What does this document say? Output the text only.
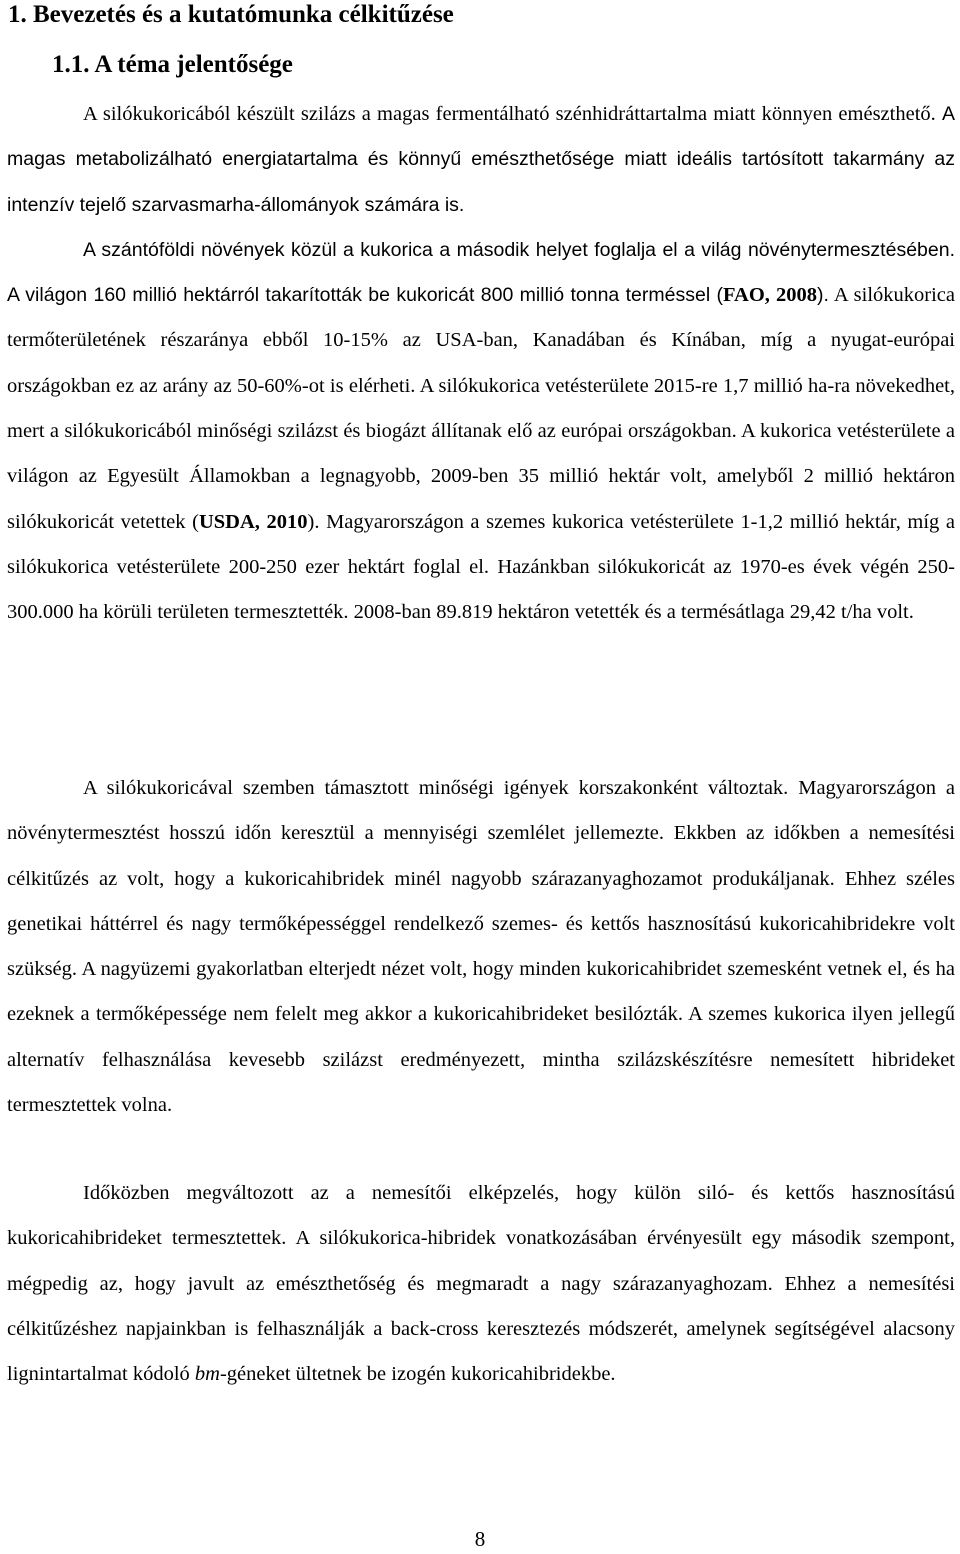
1. Bevezetés és a kutatómunka célkitűzése
1.1. A téma jelentősége

A silókukoricából készült szilázs a magas fermentálható szénhidráttartalma miatt könnyen emészthető. A magas metabolizálható energiatartalma és könnyű emészthetősége miatt ideális tartósított takarmány az intenzív tejelő szarvasmarha-állományok számára is.

A szántóföldi növények közül a kukorica a második helyet foglalja el a világ növénytermesztésében. A világon 160 millió hektárról takarították be kukoricát 800 millió tonna terméssel (FAO, 2008). A silókukorica termőterületének részaránya ebből 10-15% az USA-ban, Kanadában és Kínában, míg a nyugat-európai országokban ez az arány az 50-60%-ot is elérheti. A silókukorica vetésterülete 2015-re 1,7 millió ha-ra növekedhet, mert a silókukoricából minőségi szilázst és biogázt állítanak elő az európai országokban. A kukorica vetésterülete a világon az Egyesült Államokban a legnagyobb, 2009-ben 35 millió hektár volt, amelyből 2 millió hektáron silókukoricát vetettek (USDA, 2010). Magyarországon a szemes kukorica vetésterülete 1-1,2 millió hektár, míg a silókukorica vetésterülete 200-250 ezer hektárt foglal el. Hazánkban silókukoricát az 1970-es évek végén 250-300.000 ha körüli területen termesztették. 2008-ban 89.819 hektáron vetették és a termésátlaga 29,42 t/ha volt.

A silókukoricával szemben támasztott minőségi igények korszakonként változtak. Magyarországon a növénytermesztést hosszú időn keresztül a mennyiségi szemlélet jellemezte. Ekkben az időkben a nemesítési célkitűzés az volt, hogy a kukoricahibridek minél nagyobb szárazanyaghozamot produkáljanak. Ehhez széles genetikai háttérrel és nagy termőképességgel rendelkező szemes- és kettős hasznosítású kukoricahibridekre volt szükség. A nagyüzemi gyakorlatban elterjedt nézet volt, hogy minden kukoricahibridet szemesként vetnek el, és ha ezeknek a termőképessége nem felelt meg akkor a kukoricahibrideket besilózták. A szemes kukorica ilyen jellegű alternatív felhasználása kevesebb szilázst eredményezett, mintha szilázskészítésre nemesített hibrideket termesztettek volna.

Időközben megváltozott az a nemesítői elképzelés, hogy külön siló- és kettős hasznosítású kukoricahibrideket termesztettek. A silókukorica-hibridek vonatkozásában érvényesült egy második szempont, mégpedig az, hogy javult az emészthetőség és megmaradt a nagy szárazanyaghozam. Ehhez a nemesítési célkitűzéshez napjainkban is felhasználják a back-cross keresztezés módszerét, amelynek segítségével alacsony lignintartalmat kódoló bm-géneket ültetnek be izogén kukoricahibridekbe.

8
